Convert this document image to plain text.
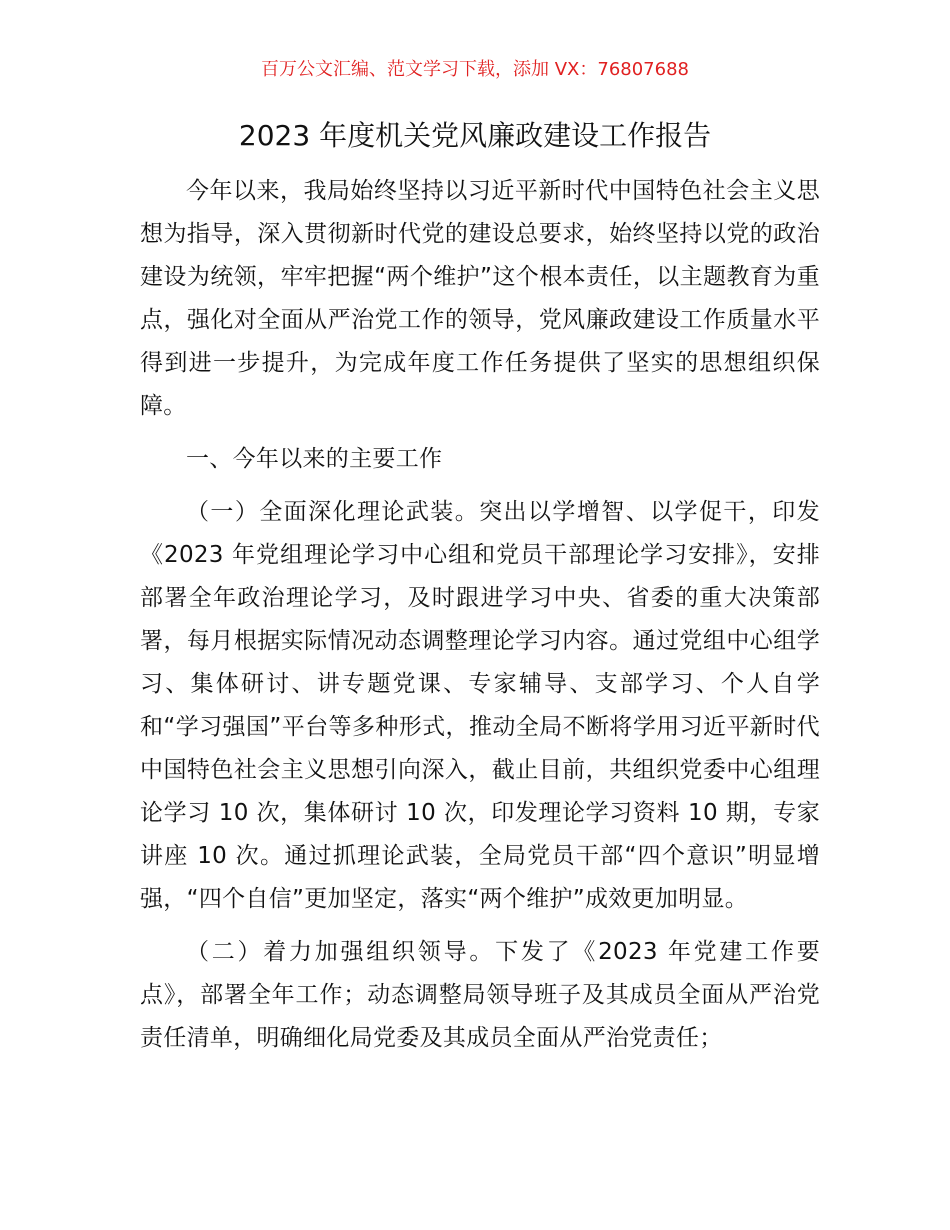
百万公文汇编、范文学习下载，添加 VX：76807688
2023 年度机关党风廉政建设工作报告

今年以来，我局始终坚持以习近平新时代中国特色社会主义思想为指导，深入贯彻新时代党的建设总要求，始终坚持以党的政治建设为统领，牢牢把握“两个维护”这个根本责任，以主题教育为重点，强化对全面从严治党工作的领导，党风廉政建设工作质量水平得到进一步提升，为完成年度工作任务提供了坚实的思想组织保障。

一、今年以来的主要工作

（一）全面深化理论武装。突出以学增智、以学促干，印发《2023 年党组理论学习中心组和党员干部理论学习安排》，安排部署全年政治理论学习，及时跟进学习中央、省委的重大决策部署，每月根据实际情况动态调整理论学习内容。通过党组中心组学习、集体研讨、讲专题党课、专家辅导、支部学习、个人自学和“学习强国”平台等多种形式，推动全局不断将学用习近平新时代中国特色社会主义思想引向深入，截止目前，共组织党委中心组理论学习 10 次，集体研讨 10 次，印发理论学习资料 10 期，专家讲座 10 次。通过抓理论武装，全局党员干部“四个意识”明显增强，“四个自信”更加坚定，落实“两个维护”成效更加明显。

（二）着力加强组织领导。下发了《2023 年党建工作要点》，部署全年工作；动态调整局领导班子及其成员全面从严治党责任清单，明确细化局党委及其成员全面从严治党责任；
